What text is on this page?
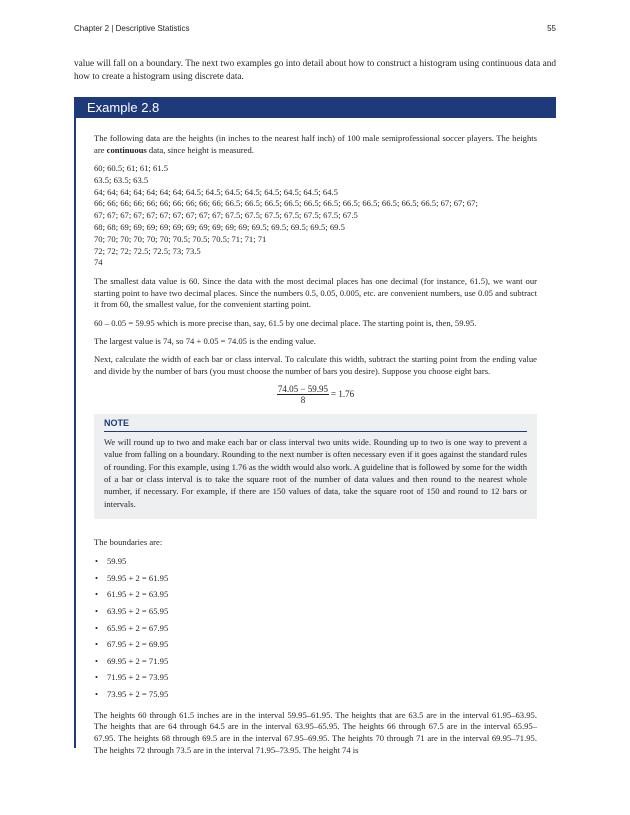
Chapter 2 | Descriptive Statistics	55
value will fall on a boundary. The next two examples go into detail about how to construct a histogram using continuous data and how to create a histogram using discrete data.
Example 2.8

The following data are the heights (in inches to the nearest half inch) of 100 male semiprofessional soccer players. The heights are continuous data, since height is measured.

60; 60.5; 61; 61; 61.5
63.5; 63.5; 63.5
64; 64; 64; 64; 64; 64; 64; 64.5; 64.5; 64.5; 64.5; 64.5; 64.5; 64.5; 64.5
66; 66; 66; 66; 66; 66; 66; 66; 66; 66; 66.5; 66.5; 66.5; 66.5; 66.5; 66.5; 66.5; 66.5; 66.5; 66.5; 66.5; 67; 67; 67;
67; 67; 67; 67; 67; 67; 67; 67; 67; 67; 67.5; 67.5; 67.5; 67.5; 67.5; 67.5; 67.5
68; 68; 69; 69; 69; 69; 69; 69; 69; 69; 69; 69; 69.5; 69.5; 69.5; 69.5; 69.5
70; 70; 70; 70; 70; 70; 70.5; 70.5; 70.5; 71; 71; 71
72; 72; 72; 72.5; 72.5; 73; 73.5
74

The smallest data value is 60. Since the data with the most decimal places has one decimal (for instance, 61.5), we want our starting point to have two decimal places. Since the numbers 0.5, 0.05, 0.005, etc. are convenient numbers, use 0.05 and subtract it from 60, the smallest value, for the convenient starting point.

60 – 0.05 = 59.95 which is more precise than, say, 61.5 by one decimal place. The starting point is, then, 59.95.

The largest value is 74, so 74 + 0.05 = 74.05 is the ending value.

Next, calculate the width of each bar or class interval. To calculate this width, subtract the starting point from the ending value and divide by the number of bars (you must choose the number of bars you desire). Suppose you choose eight bars.

$\frac{74.05 - 59.95}{8} = 1.76$
NOTE

We will round up to two and make each bar or class interval two units wide. Rounding up to two is one way to prevent a value from falling on a boundary. Rounding to the next number is often necessary even if it goes against the standard rules of rounding. For this example, using 1.76 as the width would also work. A guideline that is followed by some for the width of a bar or class interval is to take the square root of the number of data values and then round to the nearest whole number, if necessary. For example, if there are 150 values of data, take the square root of 150 and round to 12 bars or intervals.

The boundaries are:

• 59.95
• 59.95 + 2 = 61.95
• 61.95 + 2 = 63.95
• 63.95 + 2 = 65.95
• 65.95 + 2 = 67.95
• 67.95 + 2 = 69.95
• 69.95 + 2 = 71.95
• 71.95 + 2 = 73.95
• 73.95 + 2 = 75.95

The heights 60 through 61.5 inches are in the interval 59.95–61.95. The heights that are 63.5 are in the interval 61.95–63.95. The heights that are 64 through 64.5 are in the interval 63.95–65.95. The heights 66 through 67.5 are in the interval 65.95–67.95. The heights 68 through 69.5 are in the interval 67.95–69.95. The heights 70 through 71 are in the interval 69.95–71.95. The heights 72 through 73.5 are in the interval 71.95–73.95. The height 74 is
